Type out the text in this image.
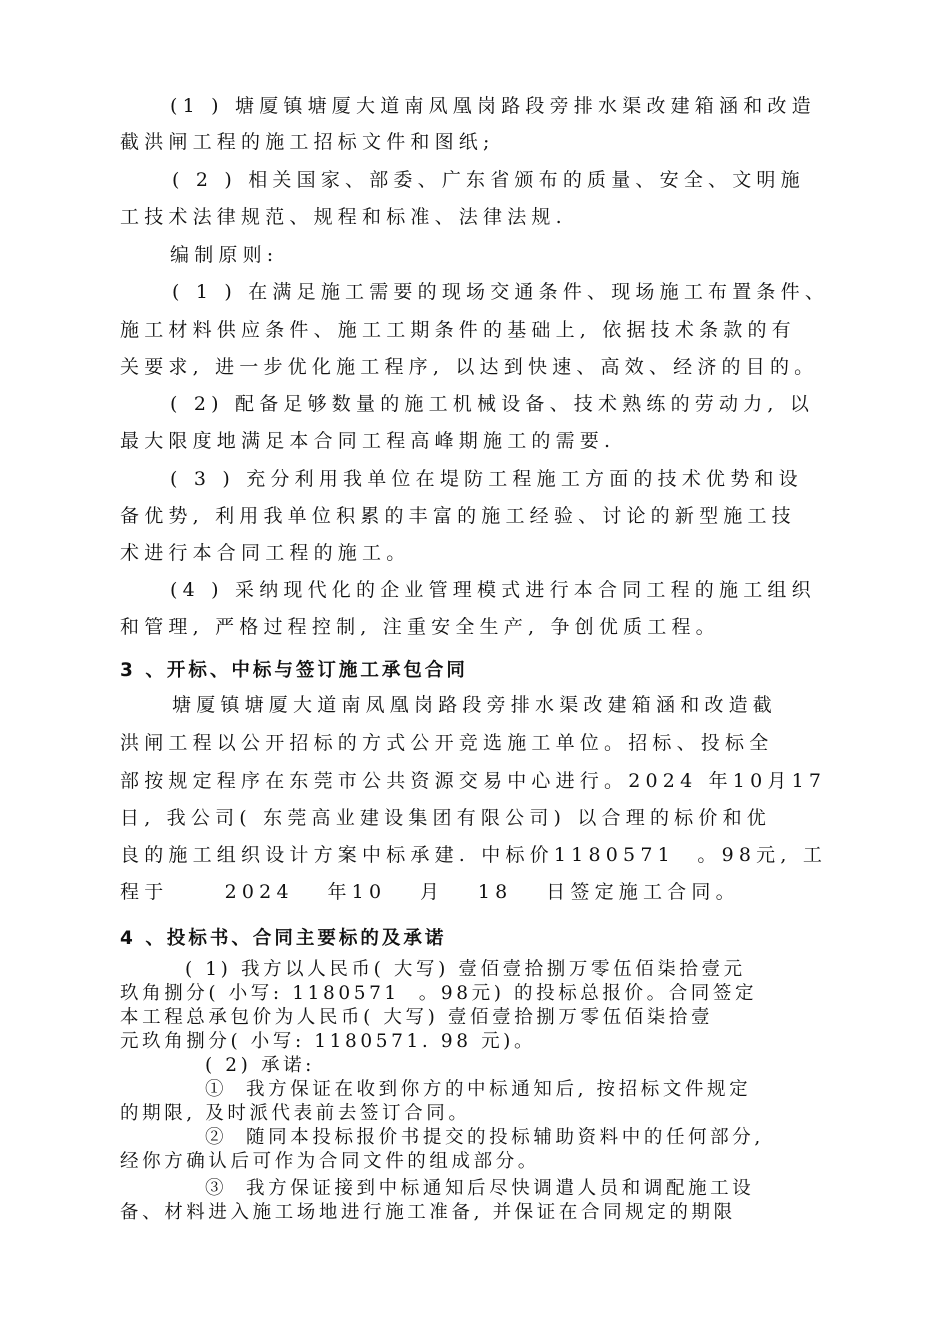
(1 ) 塘厦镇塘厦大道南凤凰岗路段旁排水渠改建箱涵和改造
截洪闸工程的施工招标文件和图纸;
( 2 ) 相关国家、部委、广东省颁布的质量、安全、文明施
工技术法律规范、规程和标准、法律法规.
编制原则:
( 1 ) 在满足施工需要的现场交通条件、现场施工布置条件、
施工材料供应条件、施工工期条件的基础上, 依据技术条款的有
关要求, 进一步优化施工程序, 以达到快速、高效、经济的目的。
( 2) 配备足够数量的施工机械设备、技术熟练的劳动力, 以
最大限度地满足本合同工程高峰期施工的需要.
( 3 ) 充分利用我单位在堤防工程施工方面的技术优势和设
备优势, 利用我单位积累的丰富的施工经验、讨论的新型施工技
术进行本合同工程的施工。
(4 ) 采纳现代化的企业管理模式进行本合同工程的施工组织
和管理, 严格过程控制, 注重安全生产, 争创优质工程。
3 、开标、中标与签订施工承包合同
塘厦镇塘厦大道南凤凰岗路段旁排水渠改建箱涵和改造截
洪闸工程以公开招标的方式公开竞选施工单位。招标、投标全
部按规定程序在东莞市公共资源交易中心进行。2024 年10月17
日, 我公司( 东莞高业建设集团有限公司) 以合理的标价和优
良的施工组织设计方案中标承建. 中标价1180571  。98元, 工
程于     2024   年10   月   18   日签定施工合同。
4 、投标书、合同主要标的及承诺
( 1) 我方以人民币( 大写) 壹佰壹拾捌万零伍佰柒拾壹元
玖角捌分( 小写: 1180571  。98元) 的投标总报价。合同签定
本工程总承包价为人民币( 大写) 壹佰壹拾捌万零伍佰柒拾壹
元玖角捌分( 小写: 1180571. 98 元)。
( 2) 承诺:
①  我方保证在收到你方的中标通知后, 按招标文件规定
的期限, 及时派代表前去签订合同。
②  随同本投标报价书提交的投标辅助资料中的任何部分,
经你方确认后可作为合同文件的组成部分。
③  我方保证接到中标通知后尽快调遣人员和调配施工设
备、材料进入施工场地进行施工准备, 并保证在合同规定的期限
